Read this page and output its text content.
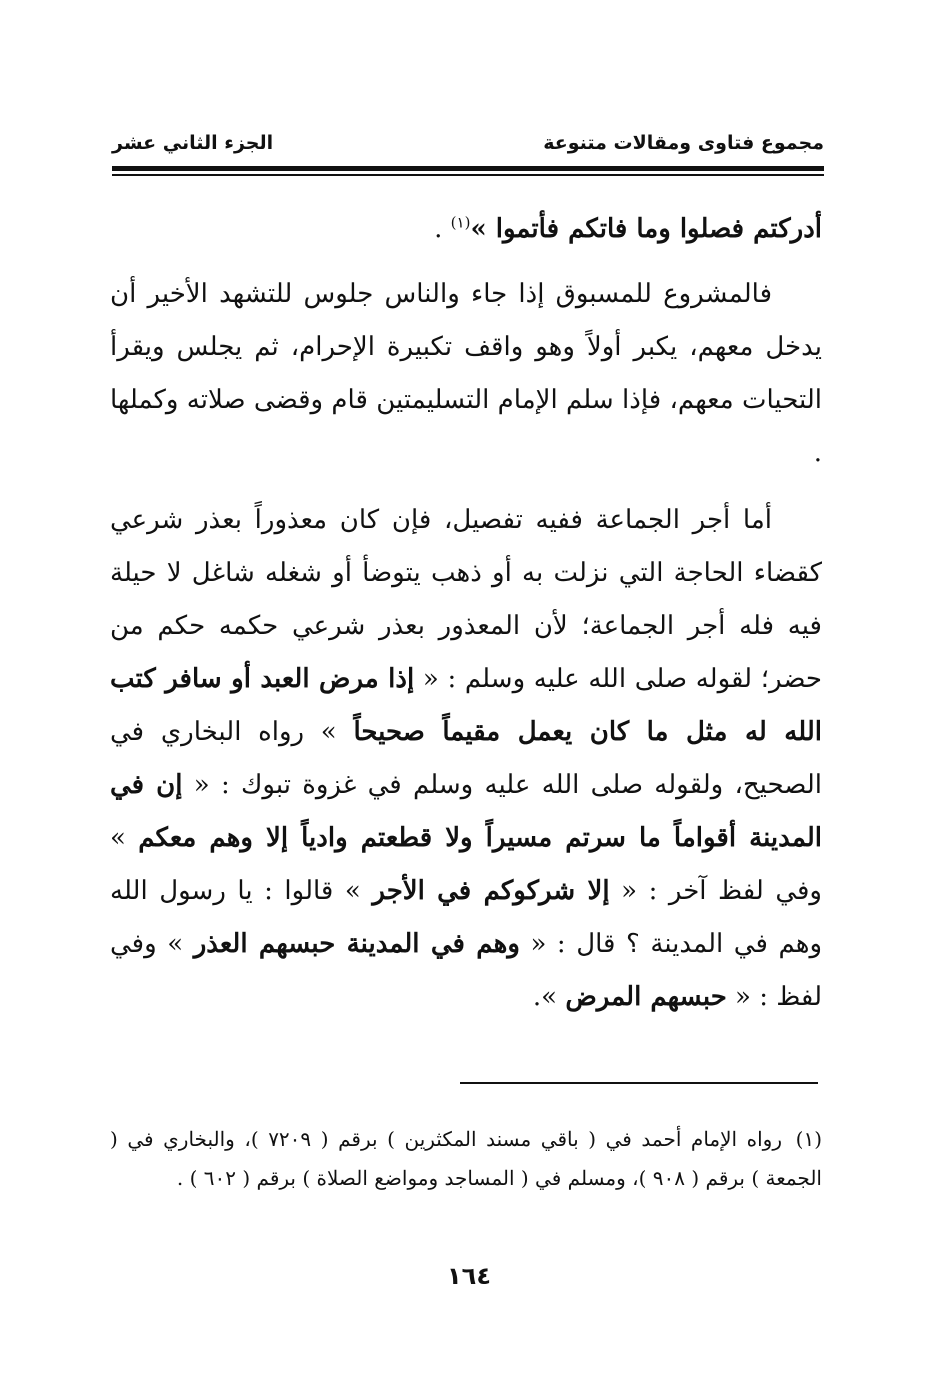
مجموع فتاوى ومقالات متنوعة
الجزء الثاني عشر

أدركتم فصلوا وما فاتكم فأتموا »$^{(١)}$ .

فالمشروع للمسبوق إذا جاء والناس جلوس للتشهد الأخير أن يدخل معهم، يكبر أولاً وهو واقف تكبيرة الإحرام، ثم يجلس ويقرأ التحيات معهم، فإذا سلم الإمام التسليمتين قام وقضى صلاته وكملها .

أما أجر الجماعة ففيه تفصيل، فإن كان معذوراً بعذر شرعي كقضاء الحاجة التي نزلت به أو ذهب يتوضأ أو شغله شاغل لا حيلة فيه فله أجر الجماعة؛ لأن المعذور بعذر شرعي حكمه حكم من حضر؛ لقوله صلى الله عليه وسلم : « إذا مرض العبد أو سافر كتب الله له مثل ما كان يعمل مقيماً صحيحاً » رواه البخاري في الصحيح، ولقوله صلى الله عليه وسلم في غزوة تبوك : « إن في المدينة أقواماً ما سرتم مسيراً ولا قطعتم وادياً إلا وهم معكم » وفي لفظ آخر : « إلا شركوكم في الأجر » قالوا : يا رسول الله وهم في المدينة ؟ قال : « وهم في المدينة حبسهم العذر » وفي لفظ : « حبسهم المرض ».

(١)رواه الإمام أحمد في ( باقي مسند المكثرين ) برقم ( ٧٢٠٩ )، والبخاري في ( الجمعة ) برقم ( ٩٠٨ )، ومسلم في ( المساجد ومواضع الصلاة ) برقم ( ٦٠٢ ) .
١٦٤
